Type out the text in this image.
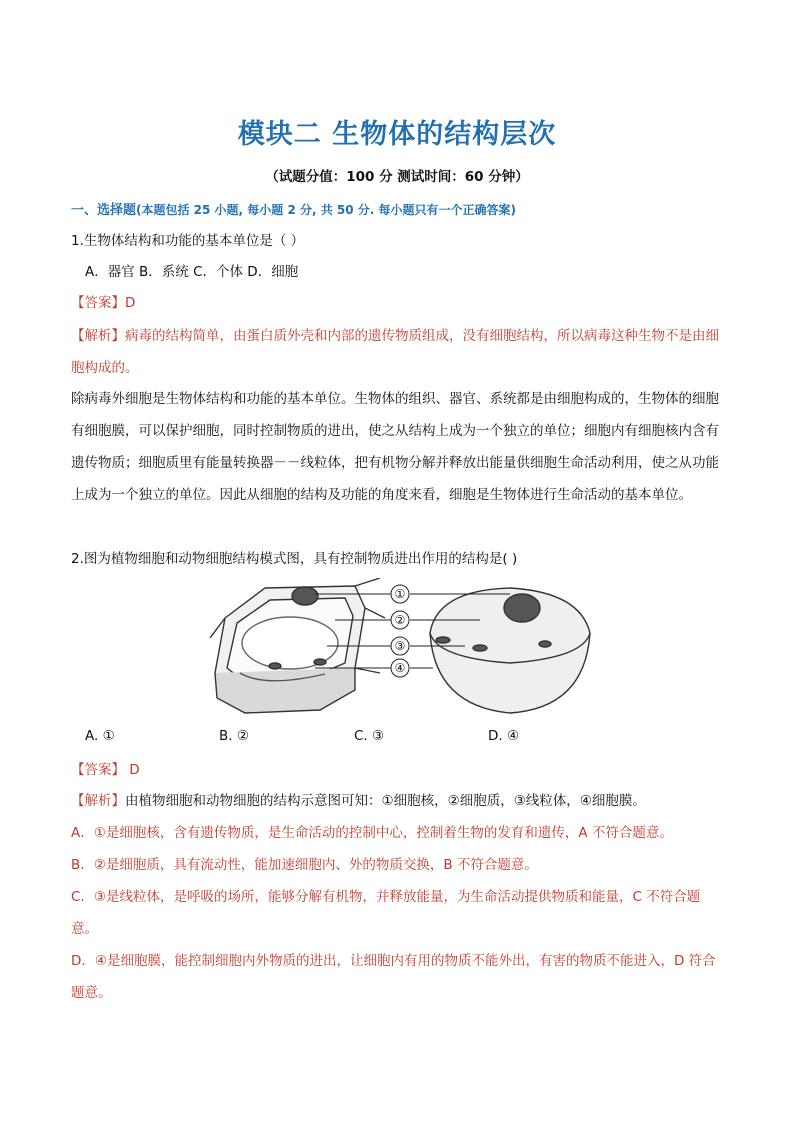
模块二 生物体的结构层次
（试题分值：100 分 测试时间：60 分钟）
一、选择题(本题包括 25 小题, 每小题 2 分, 共 50 分. 每小题只有一个正确答案)
1.生物体结构和功能的基本单位是（ ）
A．器官 B．系统 C．个体 D．细胞
【答案】D
【解析】病毒的结构简单，由蛋白质外壳和内部的遗传物质组成，没有细胞结构，所以病毒这种生物不是由细胞构成的。
除病毒外细胞是生物体结构和功能的基本单位。生物体的组织、器官、系统都是由细胞构成的，生物体的细胞有细胞膜，可以保护细胞，同时控制物质的进出，使之从结构上成为一个独立的单位；细胞内有细胞核内含有遗传物质；细胞质里有能量转换器－－线粒体，把有机物分解并释放出能量供细胞生命活动利用，使之从功能上成为一个独立的单位。因此从细胞的结构及功能的角度来看，细胞是生物体进行生命活动的基本单位。
2.图为植物细胞和动物细胞结构模式图，具有控制物质进出作用的结构是( )
①
②
③
④
A. ①	B. ②	C. ③	D. ④
【答案】 D
【解析】由植物细胞和动物细胞的结构示意图可知：①细胞核，②细胞质，③线粒体，④细胞膜。
A．①是细胞核，含有遗传物质，是生命活动的控制中心，控制着生物的发育和遗传，A 不符合题意。
B．②是细胞质，具有流动性，能加速细胞内、外的物质交换，B 不符合题意。
C．③是线粒体，是呼吸的场所，能够分解有机物，并释放能量，为生命活动提供物质和能量，C 不符合题意。
D．④是细胞膜，能控制细胞内外物质的进出，让细胞内有用的物质不能外出，有害的物质不能进入，D 符合题意。
